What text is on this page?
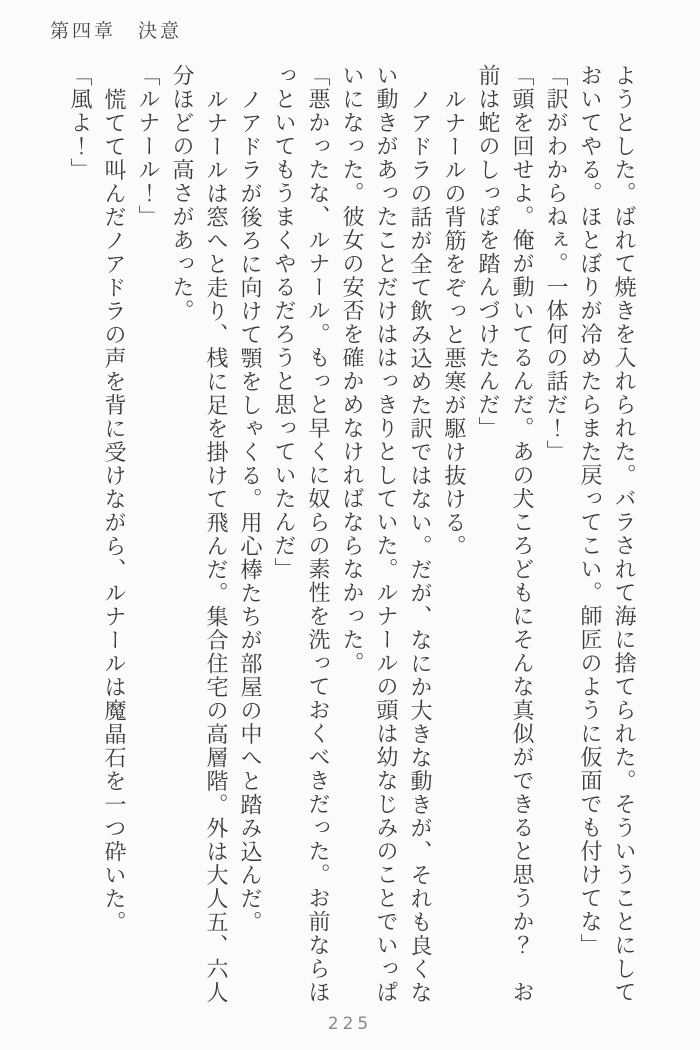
第四章　決意
ようとした。ばれて焼きを入れられた。バラされて海に捨てられた。そういうことにして
おいてやる。ほとぼりが冷めたらまた戻ってこい。師匠のように仮面でも付けてな」
「訳がわからねぇ。一体何の話だ！」
「頭を回せよ。俺が動いてるんだ。あの犬ころどもにそんな真似ができると思うか？　お
前は蛇のしっぽを踏んづけたんだ」
ルナールの背筋をぞっと悪寒が駆け抜ける。
ノアドラの話が全て飲み込めた訳ではない。だが、なにか大きな動きが、それも良くな
い動きがあったことだけははっきりとしていた。ルナールの頭は幼なじみのことでいっぱ
いになった。彼女の安否を確かめなければならなかった。
「悪かったな、ルナール。もっと早くに奴らの素性を洗っておくべきだった。お前ならほ
っといてもうまくやるだろうと思っていたんだ」
ノアドラが後ろに向けて顎をしゃくる。用心棒たちが部屋の中へと踏み込んだ。
ルナールは窓へと走り、桟に足を掛けて飛んだ。集合住宅の高層階。外は大人五、六人
分ほどの高さがあった。
「ルナール！」
慌てて叫んだノアドラの声を背に受けながら、ルナールは魔晶石を一つ砕いた。
「風よ！」
225
